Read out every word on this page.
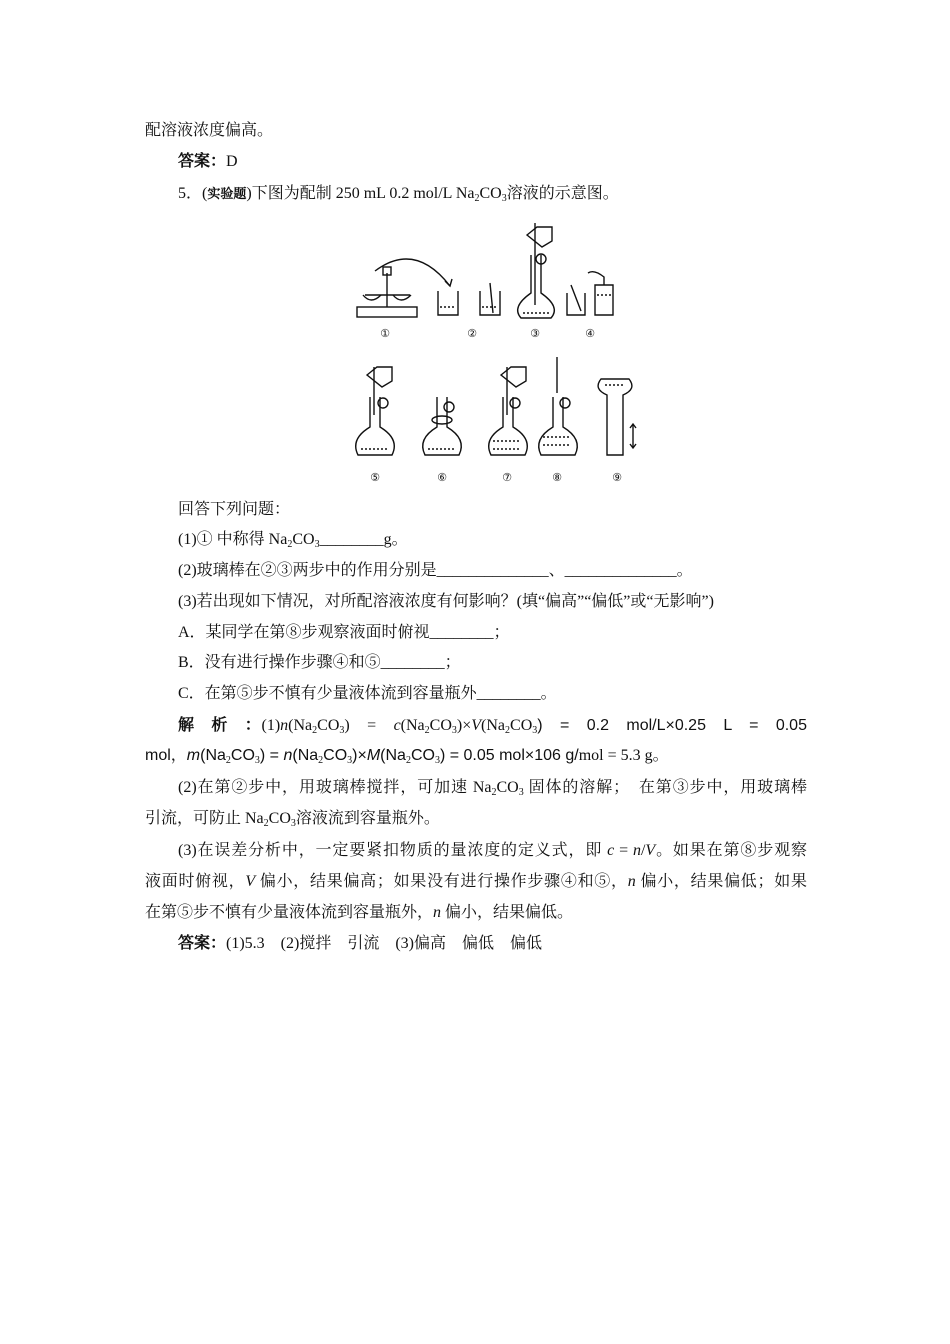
配溶液浓度偏高。
答案：D
5．(实验题)下图为配制 250 mL 0.2 mol/L $Na_2CO_3$溶液的示意图。
①	②	③	④
⑤	⑥	⑦	⑧	⑨
回答下列问题：
(1)① 中称得 $Na_2CO_3\_\_\_\_\_\_\_\_g$。
(2)玻璃棒在②③两步中的作用分别是______________、______________。
(3)若出现如下情况，对所配溶液浓度有何影响？(填“偏高”“偏低”或“无影响”)
A．某同学在第⑧步观察液面时俯视________；
B．没有进行操作步骤④和⑤________；
C．在第⑤步不慎有少量液体流到容量瓶外________。
解　析　：$(1)n(Na_2CO_3)$　=　$c(Na_2CO_3)\times V(Na_2CO_3)$　=　0.2　mol/L×0.25　L　=　0.05
mol，$m(Na_2CO_3) = n(Na_2CO_3)\times M(Na_2CO_3) = 0.05$ mol×106 g/mol = 5.3 g。
(2)在第②步中，用玻璃棒搅拌，可加速 $Na_2CO_3$ 固体的溶解；　在第③步中，用玻璃棒
引流，可防止 $Na_2CO_3$溶液流到容量瓶外。
(3)在误差分析中，一定要紧扣物质的量浓度的定义式，即 c = n/V。如果在第⑧步观察
液面时俯视，V 偏小，结果偏高；如果没有进行操作步骤④和⑤，n 偏小，结果偏低；如果
在第⑤步不慎有少量液体流到容量瓶外，n 偏小，结果偏低。
答案：(1)5.3　(2)搅拌　引流　(3)偏高　偏低　偏低
